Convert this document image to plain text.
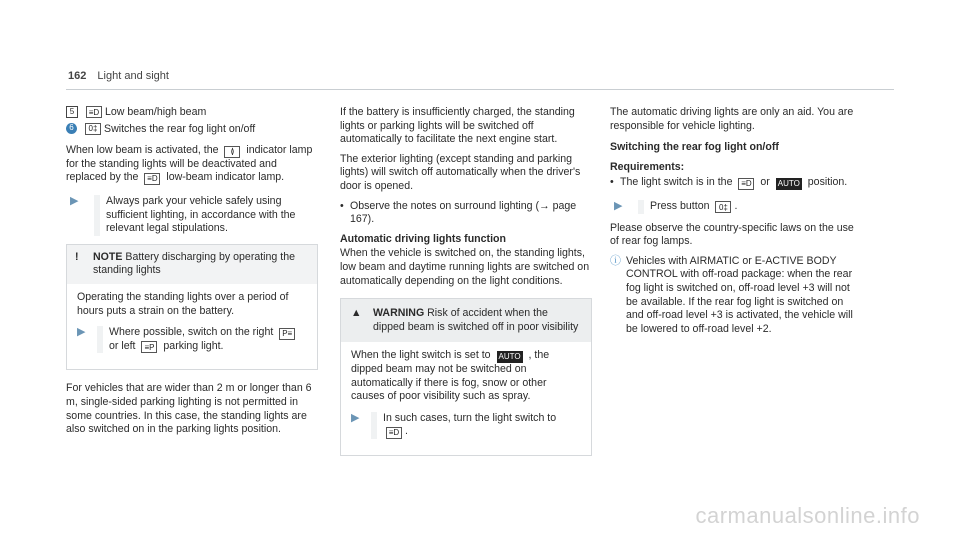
162 Light and sight
5	≡D Low beam/high beam
6	0‡ Switches the rear fog light on/off

When low beam is activated, the ≬ indicator lamp for the standing lights will be deactivated and replaced by the ≡D low-beam indicator lamp.

▶	Always park your vehicle safely using sufficient lighting, in accordance with the relevant legal stipulations.
!	NOTE Battery discharging by operating the standing lights

Operating the standing lights over a period of hours puts a strain on the battery.

▶	Where possible, switch on the right P≡ or left ≡P parking light.

For vehicles that are wider than 2 m or longer than 6 m, single-sided parking lighting is not permitted in some countries. In this case, the standing lights are also switched on in the parking lights position.

If the battery is insufficiently charged, the standing lights or parking lights will be switched off automatically to facilitate the next engine start.

The exterior lighting (except standing and parking lights) will switch off automatically when the driver's door is opened.

• Observe the notes on surround lighting (→ page 167).

Automatic driving lights function

When the vehicle is switched on, the standing lights, low beam and daytime running lights are switched on automatically depending on the light conditions.

▲	WARNING Risk of accident when the dipped beam is switched off in poor visibility

When the light switch is set to AUTO , the dipped beam may not be switched on automatically if there is fog, snow or other causes of poor visibility such as spray.

▶	In such cases, turn the light switch to
≡D .

The automatic driving lights are only an aid. You are responsible for vehicle lighting.

Switching the rear fog light on/off

Requirements:

• The light switch is in the ≡D or AUTO position.
▶	Press button 0‡ .

Please observe the country-specific laws on the use of rear fog lamps.

ⓘ Vehicles with AIRMATIC or E-ACTIVE BODY CONTROL with off-road package: when the rear fog light is switched on, off-road level +3 will not be available. If the rear fog light is switched on and off-road level +3 is activated, the vehicle will be lowered to off-road level +2.
carmanualsonline.info
